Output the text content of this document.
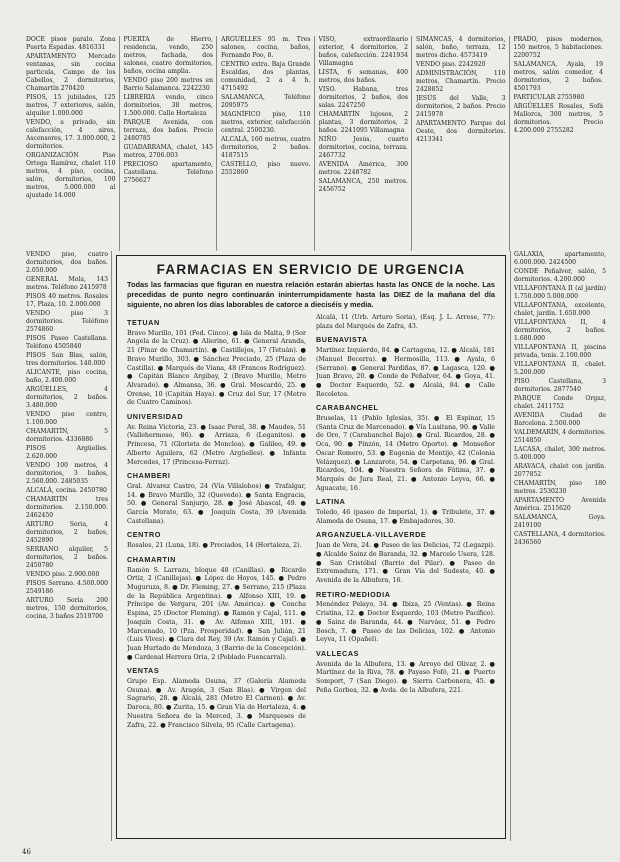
DOCE pisos paralo. Zona Puerta Espadas. 4816331
APARTAMENTO Mercado ventanas, sin cocina particula, Campo de los Cabellos, 2 dormitorios, Chamartín 270420
PISOS, 15 jubilados, 125 metros, 7 exteriores, salón, alquiler 1.000.000
VENDO, a privado, sin calefacción, 4 aires, Ascensores, 17. 3.000.000, 2 dormitorios.
ORGANIZACIÓN Piso Ortega Ramírez, chalet 110 metros, 4 piso, cocina, salón, dormitorios, 100 metros, 5.000.000 al ajustado 14.000
PUERTA de Hierro, residencia, vendo, 250 metros, fachada, dos salones, cuatro dormitorios, baños, cocina amplia.
VENDO piso 200 metros en Barrio Salamanca. 2242230
LIBRERIA vendo, cinco dormitorios, 38 metros, 1.500.000. Calle Hortaleza
PARQUE Avenida, con terraza, dos baños. Precio 2480785
GUADARRAMA, chalet, 145 metros, 2706.003
PRECIOSO apartamento, Castellana. Teléfono 2756627
ARGÜELLES 95 m. Tres salones, cocina, baños, Fernando Poo, 8.
CENTRO extra. Baja Grande Escaldas, dos plantas, comunidad, 2 a 4 h. 4715492
SALAMANCA, Teléfono 2095975
MAGNÍFICO piso, 110 metros, exterior, calefacción central. 2500230.
ALCALÁ, 160 metros, cuatro dormitorios, 2 baños. 4187515
CASTELLO, piso nuevo. 2552860
VISO, extraordinario exterior, 4 dormitorios, 2 baños, calefacción. 2241934 Villamagna
LISTA, 6 semanas, 400 metros, dos baños.
VISO. Habana, tres dormitorios, 2 baños, dos salas. 2247250
CHAMARTÍN lujosos, 2 plantas, 3 dormitorios, 2 baños. 2241095 Villamagna
NIÑO Jesús, cuarto dormitorios, cocina, terraza. 2467732
AVENIDA América, 300 metros. 2248782
SALAMANCA, 250 metros. 2456752
SIMANCAS, 4 dormitorios, salón, baño, terraza, 12 metros dicho. 4573419
VENDO piso. 2242920
ADMINISTRACIÓN, 110 metros, Chamartín. Precio 2428852
JESÚS del Valle, 3 dormitorios, 2 baños. Precio 2415978
APARTAMENTO Parque del Oeste, dos dormitorios. 4213341
PRADO, pisos modernos, 150 metros, 5 habitaciones. 2200752
SALAMANCA, Ayala, 19 metros, salón comedor, 4 dormitorios, 2 baños. 4501793
PARTICULAR 2755980
ARGÜELLES Rosales, Sofá Mallorca, 300 metros, 5 dormitorios. Precio 4.200.000 2755282
VENDO piso, cuatro dormitorios, dos baños. 2.050.000
GENERAL Mola, 143 metros. Teléfono 2415978
PISOS 40 metros. Rosales 17, Plaza, 10. 2.000.000
VENDO piso 3 dormitorios. Teléfono 2574860
PISOS Paseo Castellana. Teléfono 4505840
PISOS San Blas, salón, tres dormitorios. 140.000
ALICANTE, piso cocina, baño, 2.400.000
ARGÜELLES, 4 dormitorios, 2 baños. 3.480.000
VENDO piso centro, 1.100.000
CHAMARTÍN, 5 dormitorios. 4336886
PISOS Argüelles. 2.620.000
VENDO 100 metros, 4 dormitorios, 3 baños, 2.560.000. 2485035
ALCALÁ, cocina. 2450780
CHAMARTÍN tres dormitorios. 2.150.000. 2462450
ARTURO Soria, 4 dormitorios, 2 baños, 2452890
SERRANO alquiler, 5 dormitorios, 2 baños. 2450780
VENDO piso. 2.900.000
PISOS Serrano. 4.500.000 2549186
ARTURO Soria 200 metros, 150 dormitorios, cocina, 3 baños 2519700
FARMACIAS EN SERVICIO DE URGENCIA

Todas las farmacias que figuran en nuestra relación estarán abiertas hasta las ONCE de la noche. Las precedidas de punto negro continuarán ininterrumpidamente hasta las DIEZ de la mañana del día siguiente, no abren los días laborables de catorce a dieciséis y media.

TETUAN
Bravo Murillo, 101 (Fed. Cinco). ● Isla de Malta, 9 (Sor Angela de la Cruz). ● Alierino, 61. ● General Aranda, 21 (Pinar de Chamartín). ● Castillejos, 17 (Tetuán). ● Bravo Murillo, 303. ● Sánchez Preciado, 25 (Plaza de Castilla). ● Marqués de Viana, 48 (Francos Rodríguez). ● Capitán Blanco Argibay, 2 (Bravo Murillo, Metro Alvarado). ● Almansa, 36. ● Gral. Moscardó, 25. ● Orense, 10 (Capitán Haya). ● Cruz del Sur, 17 (Metro de Cuatro Caminos).
UNIVERSIDAD
Av. Reina Victoria, 23. ● Isaac Peral, 38. ● Maudes, 51 (Vallehermoso, 96). ● Arriaza, 6 (Leganitos). ● Princesa, 71 (Glorieta de Moncloa). ● Galileo, 49. ● Alberto Aguilera, 62 (Metro Argüelles). ● Infanta Mercedes, 17 (Princesa-Ferraz).
CHAMBERI
Gral. Alvarez Castro, 24 (Vía Villalobos) ● Trafalgar, 14. ● Bravo Murillo, 32 (Quevedo). ● Santa Engracia, 50. ● General Sanjurjo, 28. ● José Abascal, 49. ● García Morato, 63. ● Joaquín Costa, 39 (Avenida Castellana).
CENTRO
Rosales, 21 (Luna, 18). ● Preciados, 14 (Hortaleza, 2).
CHAMARTIN
Ramón S. Larrazu, bloque 48 (Canillas). ● Ricardo Ortiz, 2 (Canillejas). ● López de Hoyos, 145. ● Pedro Muguruza, 8. ● Dr. Fleming, 27. ● Serrano, 215 (Plaza de la República Argentina). ● Alfonso XIII, 19. ● Príncipe de Vergara, 201 (Av. América). ● Concha Espina, 25 (Doctor Fleming). ● Ramón y Cajal, 111. ● Joaquín Costa, 31. ● Av. Alfonso XIII, 191. ● Marcenado, 10 (Pza. Prosperidad). ● San Julián, 21 (Luis Vives). ● Clara del Rey, 39 (Av. Ramón y Cajal). ● Juan Hurtado de Mendoza, 3 (Barrio de la Concepción). ● Cardenal Herrera Oria, 2 (Poblado Fuencarral).
VENTAS
Grupo Esp. Alameda Osuna, 37 (Galería Alameda Osuna). ● Av. Aragón, 3 (San Blas). ● Virgen del Sagrario, 28. ● Alcalá, 281 (Metro El Carmen). ● Av. Daroca, 80. ● Zurita, 15. ● Gran Vía de Hortaleza, 4. ● Nuestra Señora de la Merced, 3. ● Marqueses de Zafra, 22. ● Francisco Silvela, 95 (Calle Cartagena).
Alcalá, 11 (Urb. Arturo Soria), (Esq. J. L. Arrese, 77): plaza del Marqués de Zafra, 43.
BUENAVISTA
Martínez Izquierdo, 84. ● Cartagena, 12. ● Alcalá, 181 (Manuel Becerra). ● Hermosilla, 113. ● Ayala, 6 (Serrano). ● General Pardiñas, 87. ● Lagasca, 120. ● Juan Bravo, 20. ● Conde de Peñalver, 64. ● Goya, 41. ● Doctor Esquerdo, 52. ● Alcalá, 84. ● Calle Recoletos.
CARABANCHEL
Bruselas, 11 (Pablo Iglesias, 35). ● El Espinar, 15 (Santa Cruz de Marcenado). ● Vía Lusitana, 90. ● Valle de Oro, 7 (Carabanchel Bajo). ● Gral. Ricardos, 28. ● Oca, 90. ● Pinzón, 14 (Metro Oporto). ● Monseñor Óscar Romero, 53. ● Eugenia de Montijo, 42 (Colonia Velázquez). ● Lanzarote, 54. ● Carpetana, 96. ● Gral. Ricardos, 104. ● Nuestra Señora de Fátima, 37. ● Marqués de Jura Real, 21. ● Antonio Leyva, 66. ● Aguacate, 16.
LATINA
Toledo, 46 (paseo de Imperial, 1). ● Tribulete, 37. ● Alameda de Osuna, 17. ● Embajadores, 30.
ARGANZUELA-VILLAVERDE
Juan de Vera, 24. ● Paseo de las Delicias, 72 (Legazpi). ● Alcalde Sainz de Baranda, 32. ● Marcelo Usera, 128. ● San Cristóbal (Barrio del Pilar). ● Paseo de Extremadura, 171. ● Gran Vía del Sudeste, 40. ● Avenida de la Albufera, 16.
RETIRO-MEDIODIA
Menéndez Pelayo, 34. ● Ibiza, 25 (Ventas). ● Reina Cristina, 12. ● Doctor Esquerdo, 103 (Metro Pacífico). ● Sainz de Baranda, 44. ● Narváez, 51. ● Pedro Bosch, 7. ● Paseo de las Delicias, 102. ● Antonio Leyva, 11 (Opañel).
VALLECAS
Avenida de la Albufera, 13. ● Arroyo del Olivar, 2. ● Martínez de la Riva, 78. ● Payaso Fofó, 21. ● Puerto Somport, 7 (San Diego). ● Sierra Carbonera, 45. ● Peña Gorbea, 32. ● Avda. de la Albufera, 221.
GALAXIA, apartamento, 6.000.000. 2424500
CONDE Peñalver, salón, 5 dormitorios. 4.200.000
VILLAFONTANA II (al jardín) 1.750.000 5.000.000
VILLAFONTANA, excelente, chalet, jardín. 1.650.000
VILLAFONTANA II, 4 dormitorios, 2 baños. 1.680.000
VILLAFONTANA II, piscina privada, tenis. 2.100.000
VILLAFONTANA II, chalet. 5.200.000
PISO Castellana, 3 dormitorios. 2877540
PARQUE Conde Orgaz, chalet. 2411752
AVENIDA Ciudad de Barcelona. 2.500.000
VALDEMARÍN, 4 dormitorios. 2514850
LACASA, chalet, 300 metros. 5.400.000
ARAVACA, chalet con jardín. 2077852
CHAMARTÍN, piso 180 metros. 2530230
APARTAMENTO Avenida América. 2515620
SALAMANCA, Goya. 2419100
CASTELLANA, 4 dormitorios. 2436560
46
